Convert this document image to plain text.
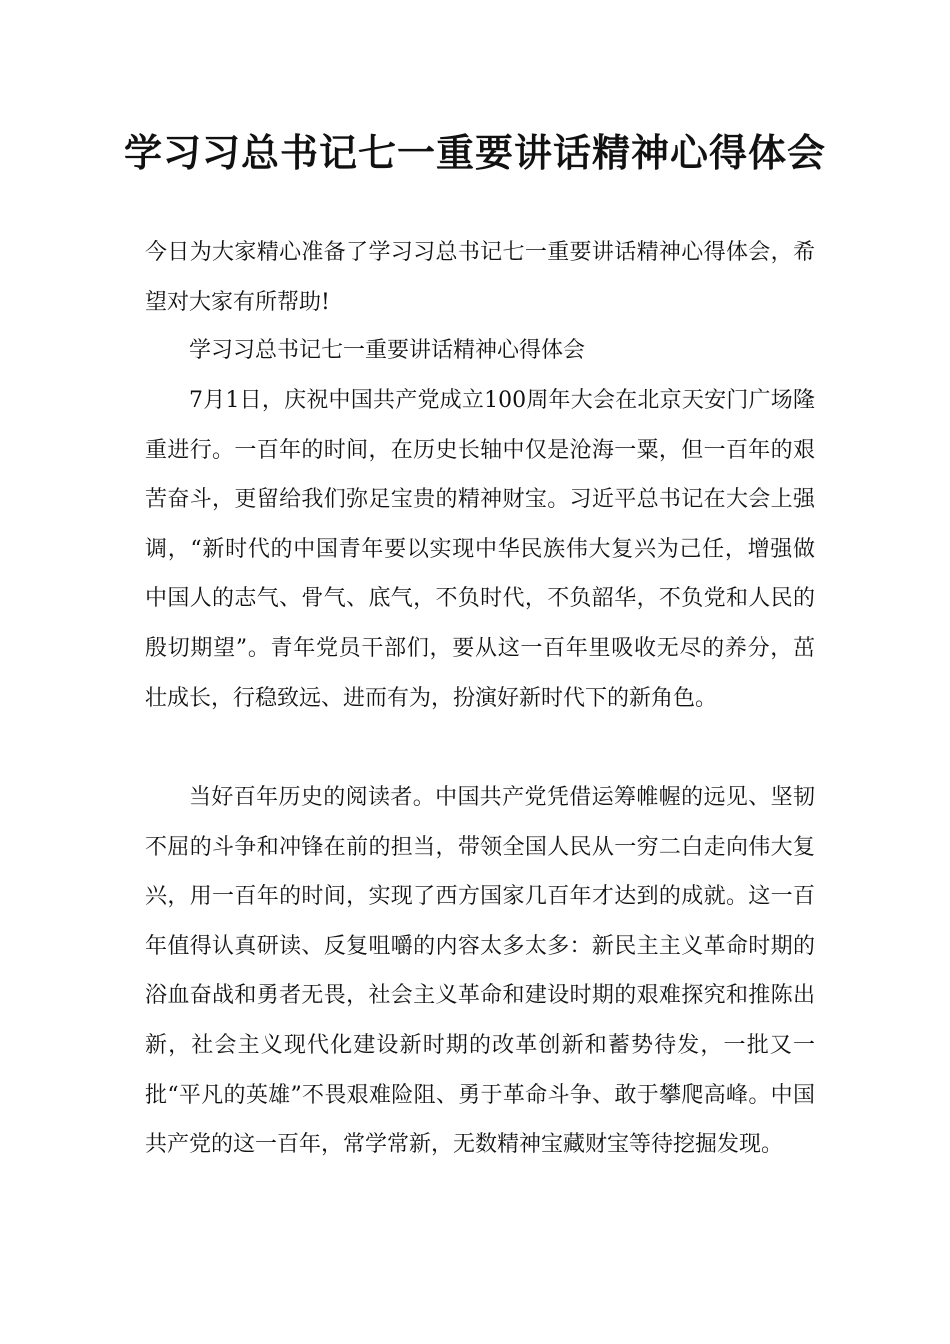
学习习总书记七一重要讲话精神心得体会

今日为大家精心准备了学习习总书记七一重要讲话精神心得体会，希望对大家有所帮助!

学习习总书记七一重要讲话精神心得体会

7月1日，庆祝中国共产党成立100周年大会在北京天安门广场隆重进行。一百年的时间，在历史长轴中仅是沧海一粟，但一百年的艰苦奋斗，更留给我们弥足宝贵的精神财宝。习近平总书记在大会上强调，“新时代的中国青年要以实现中华民族伟大复兴为己任，增强做中国人的志气、骨气、底气，不负时代，不负韶华，不负党和人民的殷切期望”。青年党员干部们，要从这一百年里吸收无尽的养分，茁壮成长，行稳致远、进而有为，扮演好新时代下的新角色。

当好百年历史的阅读者。中国共产党凭借运筹帷幄的远见、坚韧不屈的斗争和冲锋在前的担当，带领全国人民从一穷二白走向伟大复兴，用一百年的时间，实现了西方国家几百年才达到的成就。这一百年值得认真研读、反复咀嚼的内容太多太多：新民主主义革命时期的浴血奋战和勇者无畏，社会主义革命和建设时期的艰难探究和推陈出新，社会主义现代化建设新时期的改革创新和蓄势待发，一批又一批“平凡的英雄”不畏艰难险阻、勇于革命斗争、敢于攀爬高峰。中国共产党的这一百年，常学常新，无数精神宝藏财宝等待挖掘发现。
